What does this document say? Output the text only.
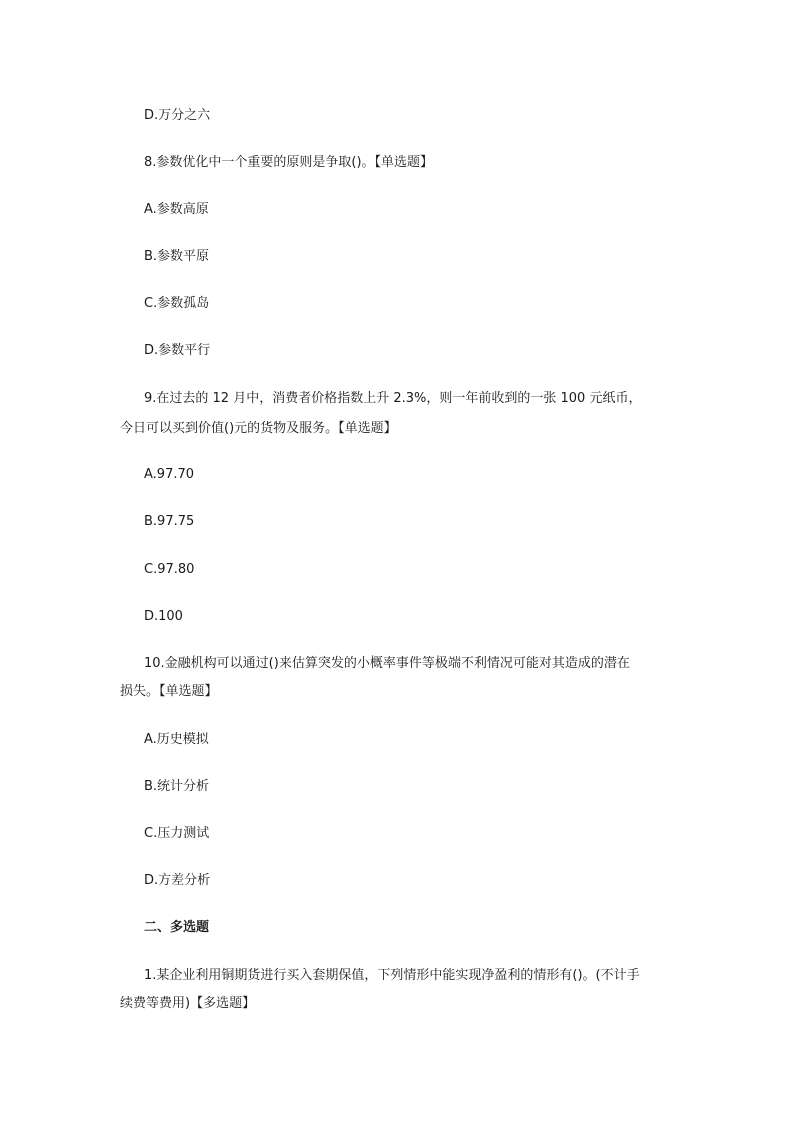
D.万分之六
8.参数优化中一个重要的原则是争取()。【单选题】
A.参数高原
B.参数平原
C.参数孤岛
D.参数平行
9.在过去的 12 月中，消费者价格指数上升 2.3%，则一年前收到的一张 100 元纸币，
今日可以买到价值()元的货物及服务。【单选题】
A.97.70
B.97.75
C.97.80
D.100
10.金融机构可以通过()来估算突发的小概率事件等极端不利情况可能对其造成的潜在
损失。【单选题】
A.历史模拟
B.统计分析
C.压力测试
D.方差分析
二、多选题
1.某企业利用铜期货进行买入套期保值，下列情形中能实现净盈利的情形有()。(不计手
续费等费用)【多选题】
